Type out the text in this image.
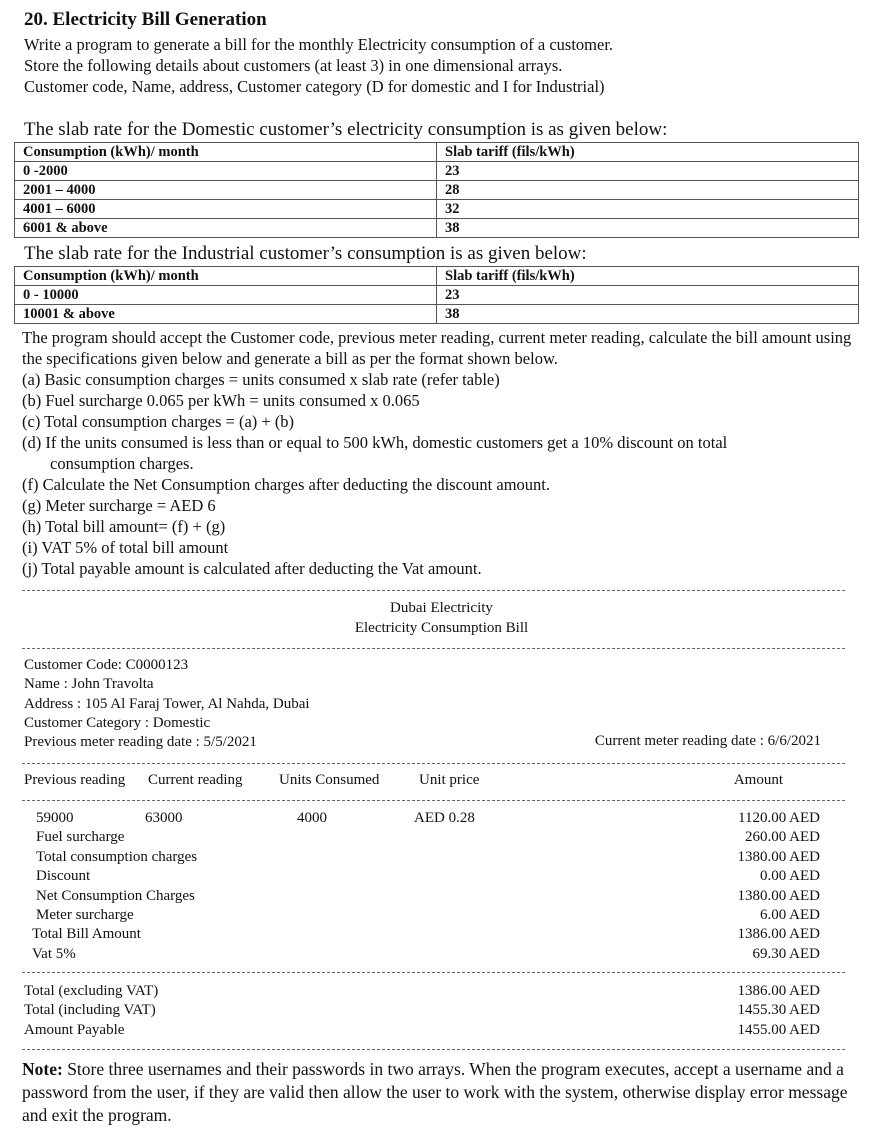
20. Electricity Bill Generation
Write a program to generate a bill for the monthly Electricity consumption of a customer.
Store the following details about customers (at least 3) in one dimensional arrays.
Customer code, Name, address, Customer category (D for domestic and I for Industrial)
The slab rate for the Domestic customer’s electricity consumption is as given below:
Consumption (kWh)/ month	Slab tariff (fils/kWh)
0 -2000	23
2001 – 4000	28
4001 – 6000	32
6001 & above	38
The slab rate for the Industrial customer’s consumption is as given below:
Consumption (kWh)/ month	Slab tariff (fils/kWh)
0 - 10000	23
10001 & above	38
The program should accept the Customer code, previous meter reading, current meter reading, calculate the bill amount using the specifications given below and generate a bill as per the format shown below.
(a) Basic consumption charges = units consumed x slab rate (refer table)
(b) Fuel surcharge 0.065 per kWh = units consumed x 0.065
(c) Total consumption charges = (a) + (b)
(d) If the units consumed is less than or equal to 500 kWh, domestic customers get a 10% discount on total
consumption charges.
(f) Calculate the Net Consumption charges after deducting the discount amount.
(g) Meter surcharge = AED 6
(h) Total bill amount= (f) + (g)
(i) VAT 5% of total bill amount
(j) Total payable amount is calculated after deducting the Vat amount.
Dubai Electricity
Electricity Consumption Bill
Customer Code: C0000123
Name : John Travolta
Address : 105 Al Faraj Tower, Al Nahda, Dubai
Customer Category : Domestic
Previous meter reading date : 5/5/2021	Current meter reading date : 6/6/2021
Previous reading Current reading Units Consumed	Unit price	Amount
59000	63000	4000	AED 0.28	1120.00 AED
Fuel surcharge	260.00 AED
Total consumption charges	1380.00 AED
Discount	0.00 AED
Net Consumption Charges	1380.00 AED
Meter surcharge	6.00 AED
Total Bill Amount	1386.00 AED
Vat 5%	69.30 AED
Total (excluding VAT)	1386.00 AED
Total (including VAT)	1455.30 AED
Amount Payable	1455.00 AED
Note: Store three usernames and their passwords in two arrays. When the program executes, accept a username and a password from the user, if they are valid then allow the user to work with the system, otherwise display error message and exit the program.
